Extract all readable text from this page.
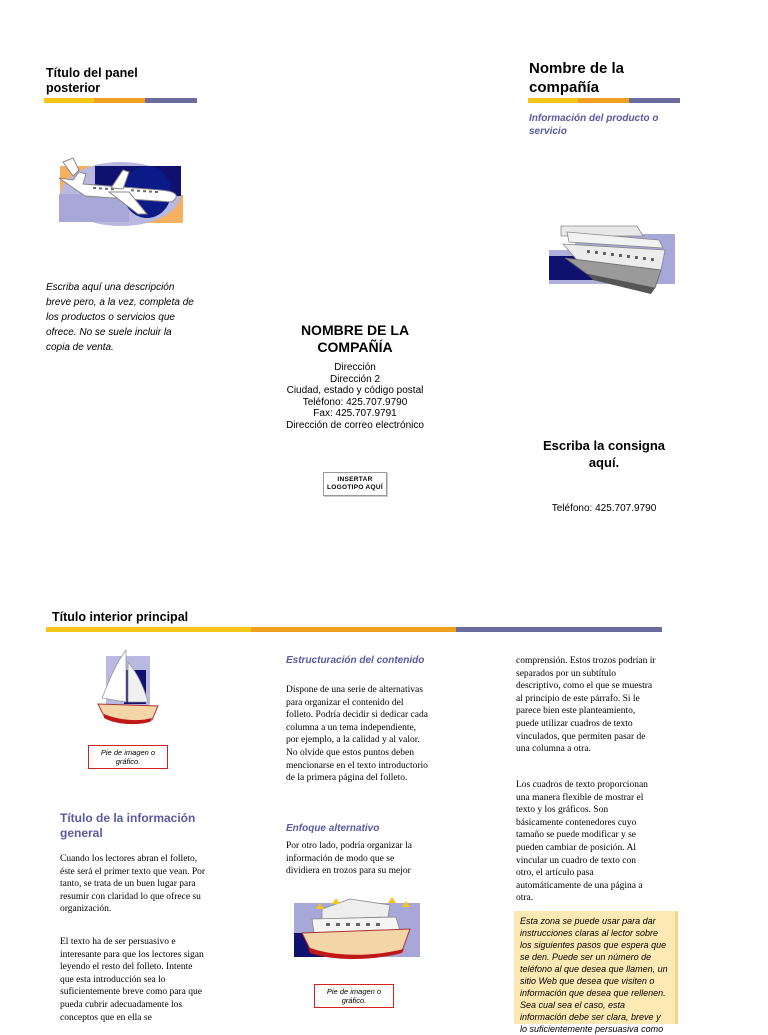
Título del panel posterior
Escriba aquí una descripción breve pero, a la vez, completa de los productos o servicios que ofrece. No se suele incluir la copia de venta.
NOMBRE DE LA COMPAÑÍA
Dirección
Dirección 2
Ciudad, estado y código postal
Teléfono: 425.707.9790
Fax: 425.707.9791
Dirección de correo electrónico
INSERTAR LOGOTIPO AQUÍ
Nombre de la compañía
Información del producto o servicio
Escriba la consigna aquí.
Teléfono: 425.707.9790
Título interior principal
Pie de imagen o gráfico.
Título de la información general
Cuando los lectores abran el folleto, éste será el primer texto que vean. Por tanto, se trata de un buen lugar para resumir con claridad lo que ofrece su organización.
El texto ha de ser persuasivo e interesante para que los lectores sigan leyendo el resto del folleto. Intente que esta introducción sea lo suficientemente breve como para que pueda cubrir adecuadamente los conceptos que en ella se
Estructuración del contenido
Dispone de una serie de alternativas para organizar el contenido del folleto. Podría decidir si dedicar cada columna a un tema independiente, por ejemplo, a la calidad y al valor. No olvide que estos puntos deben mencionarse en el texto introductorio de la primera página del folleto.
Enfoque alternativo
Por otro lado, podría organizar la información de modo que se dividiera en trozos para su mejor
Pie de imagen o gráfico.
comprensión. Estos trozos podrían ir separados por un subtítulo descriptivo, como el que se muestra al principio de este párrafo. Si le parece bien este planteamiento, puede utilizar cuadros de texto vinculados, que permiten pasar de una columna a otra.
Los cuadros de texto proporcionan una manera flexible de mostrar el texto y los gráficos. Son básicamente contenedores cuyo tamaño se puede modificar y se pueden cambiar de posición. Al vincular un cuadro de texto con otro, el artículo pasa automáticamente de una página a otra.
Esta zona se puede usar para dar instrucciones claras al lector sobre los siguientes pasos que espera que se den. Puede ser un número de teléfono al que desea que llamen, un sitio Web que desea que visiten o información que desea que rellenen. Sea cual sea el caso, esta información debe ser clara, breve y lo suficientemente persuasiva como
